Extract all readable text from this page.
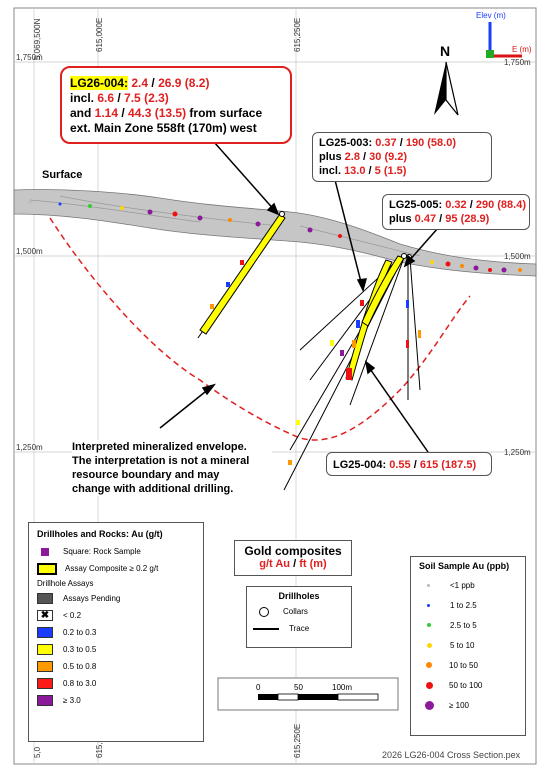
5,069,500N	615,000E	615,250E
5,0	615,250E
1,750m
1,500m
1,250m
1,750m
1,500m
1,250m
Elev (m)
E (m)
N
Surface
0	50	100m
2026 LG26-004 Cross Section.pex
LG26-004: 2.4 / 26.9 (8.2)
incl. 6.6 / 7.5 (2.3)
and 1.14 / 44.3 (13.5) from surface
ext. Main Zone 558ft (170m) west
LG25-003: 0.37 / 190 (58.0)
plus 2.8 / 30 (9.2)
incl. 13.0 / 5 (1.5)
LG25-005: 0.32 / 290 (88.4)
plus 0.47 / 95 (28.9)
LG25-004: 0.55 / 615 (187.5)
Interpreted mineralized envelope.
The interpretation is not a mineral
resource boundary and may
change with additional drilling.
Drillholes and Rocks: Au (g/t)
Square: Rock Sample
Assay Composite ≥ 0.2 g/t
Drillhole Assays
Assays Pending
✖	< 0.2
0.2 to 0.3
0.3 to 0.5
0.5 to 0.8
0.8 to 3.0
≥ 3.0
Gold composites
g/t Au / ft (m)
Drillholes
Collars
Trace
Soil Sample Au (ppb)
<1 ppb
1 to 2.5
2.5 to 5
5 to 10
10 to 50
50 to 100
≥ 100
